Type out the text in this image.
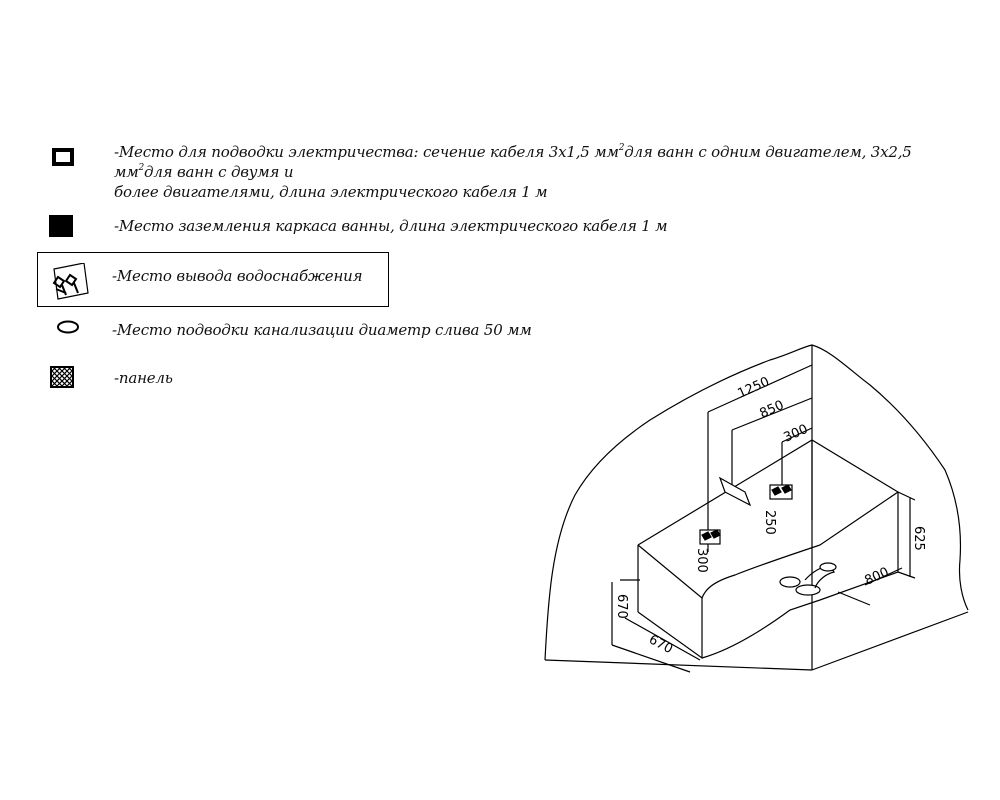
-Место для подводки электричества: сечение кабеля 3х1,5 $мм^2для$ ванн с одним двигателем, 3х2,5 $мм^2для$ ванн с двумя и
более двигателями, длина электрического кабеля 1 м
-Место заземления каркаса ванны, длина электрического кабеля 1 м
-Место вывода водоснабжения
-Место подводки канализации диаметр слива 50 мм
-панель	1250
850
300
250
300
625
800
670
670
